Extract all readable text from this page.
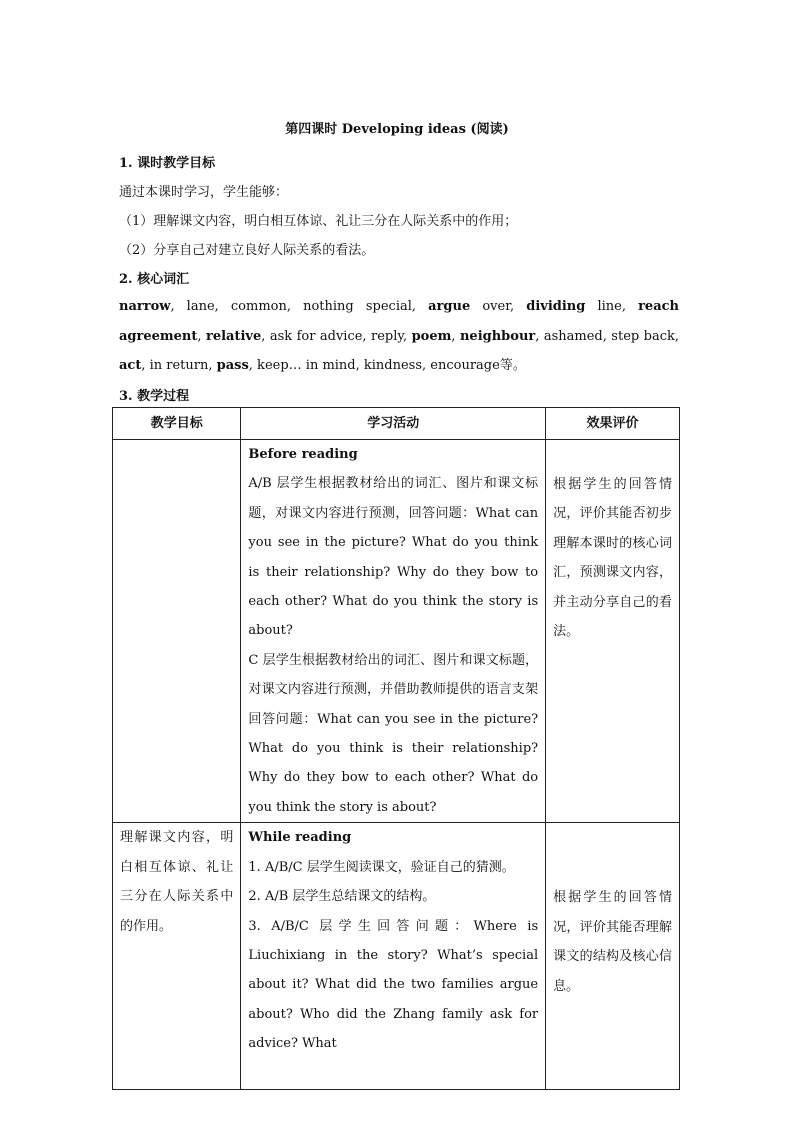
第四课时 Developing ideas (阅读)
1. 课时教学目标
通过本课时学习，学生能够：
（1）理解课文内容，明白相互体谅、礼让三分在人际关系中的作用；
（2）分享自己对建立良好人际关系的看法。
2. 核心词汇
narrow, lane, common, nothing special, argue over, dividing line, reach agreement, relative, ask for advice, reply, poem, neighbour, ashamed, step back, act, in return, pass, keep… in mind, kindness, encourage等。
3. 教学过程
教学目标	学习活动	效果评价

	Before reading

A/B 层学生根据教材给出的词汇、图片和课文标题，对课文内容进行预测，回答问题：What can you see in the picture? What do you think is their relationship? Why do they bow to each other? What do you think the story is about?

C 层学生根据教材给出的词汇、图片和课文标题，对课文内容进行预测，并借助教师提供的语言支架回答问题：What can you see in the picture? What do you think is their relationship? Why do they bow to each other? What do you think the story is about?	根据学生的回答情况，评价其能否初步理解本课时的核心词汇，预测课文内容，并主动分享自己的看法。

理解课文内容，明白相互体谅、礼让三分在人际关系中的作用。	While reading

1. A/B/C 层学生阅读课文，验证自己的猜测。

2. A/B 层学生总结课文的结构。

3. A/B/C 层学生回答问题：Where is Liuchixiang in the story? What’s special about it? What did the two families argue about? Who did the Zhang family ask for advice? What	根据学生的回答情况，评价其能否理解课文的结构及核心信息。
